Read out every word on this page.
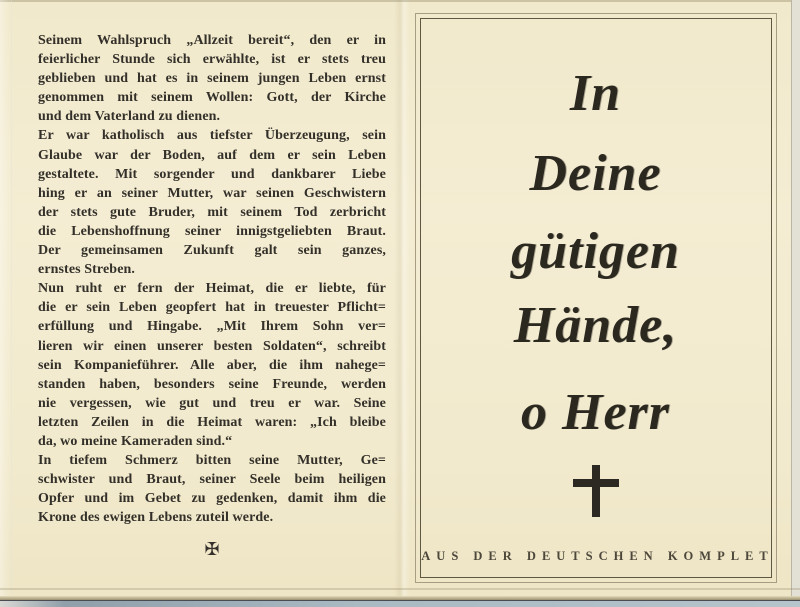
Seinem Wahlspruch „Allzeit bereit“, den er in
feierlicher Stunde sich erwählte, ist er stets treu
geblieben und hat es in seinem jungen Leben ernst
genommen mit seinem Wollen: Gott, der Kirche
und dem Vaterland zu dienen.
Er war katholisch aus tiefster Überzeugung, sein
Glaube war der Boden, auf dem er sein Leben
gestaltete. Mit sorgender und dankbarer Liebe
hing er an seiner Mutter, war seinen Geschwistern
der stets gute Bruder, mit seinem Tod zerbricht
die Lebenshoffnung seiner innigstgeliebten Braut.
Der gemeinsamen Zukunft galt sein ganzes,
ernstes Streben.
Nun ruht er fern der Heimat, die er liebte, für
die er sein Leben geopfert hat in treuester Pflicht=
erfüllung und Hingabe. „Mit Ihrem Sohn ver=
lieren wir einen unserer besten Soldaten“, schreibt
sein Kompanieführer. Alle aber, die ihm nahege=
standen haben, besonders seine Freunde, werden
nie vergessen, wie gut und treu er war. Seine
letzten Zeilen in die Heimat waren: „Ich bleibe
da, wo meine Kameraden sind.“
In tiefem Schmerz bitten seine Mutter, Ge=
schwister und Braut, seiner Seele beim heiligen
Opfer und im Gebet zu gedenken, damit ihm die
Krone des ewigen Lebens zuteil werde.
✠
In
Deine
gütigen
Hände,
o Herr
AUS DER DEUTSCHEN KOMPLET
